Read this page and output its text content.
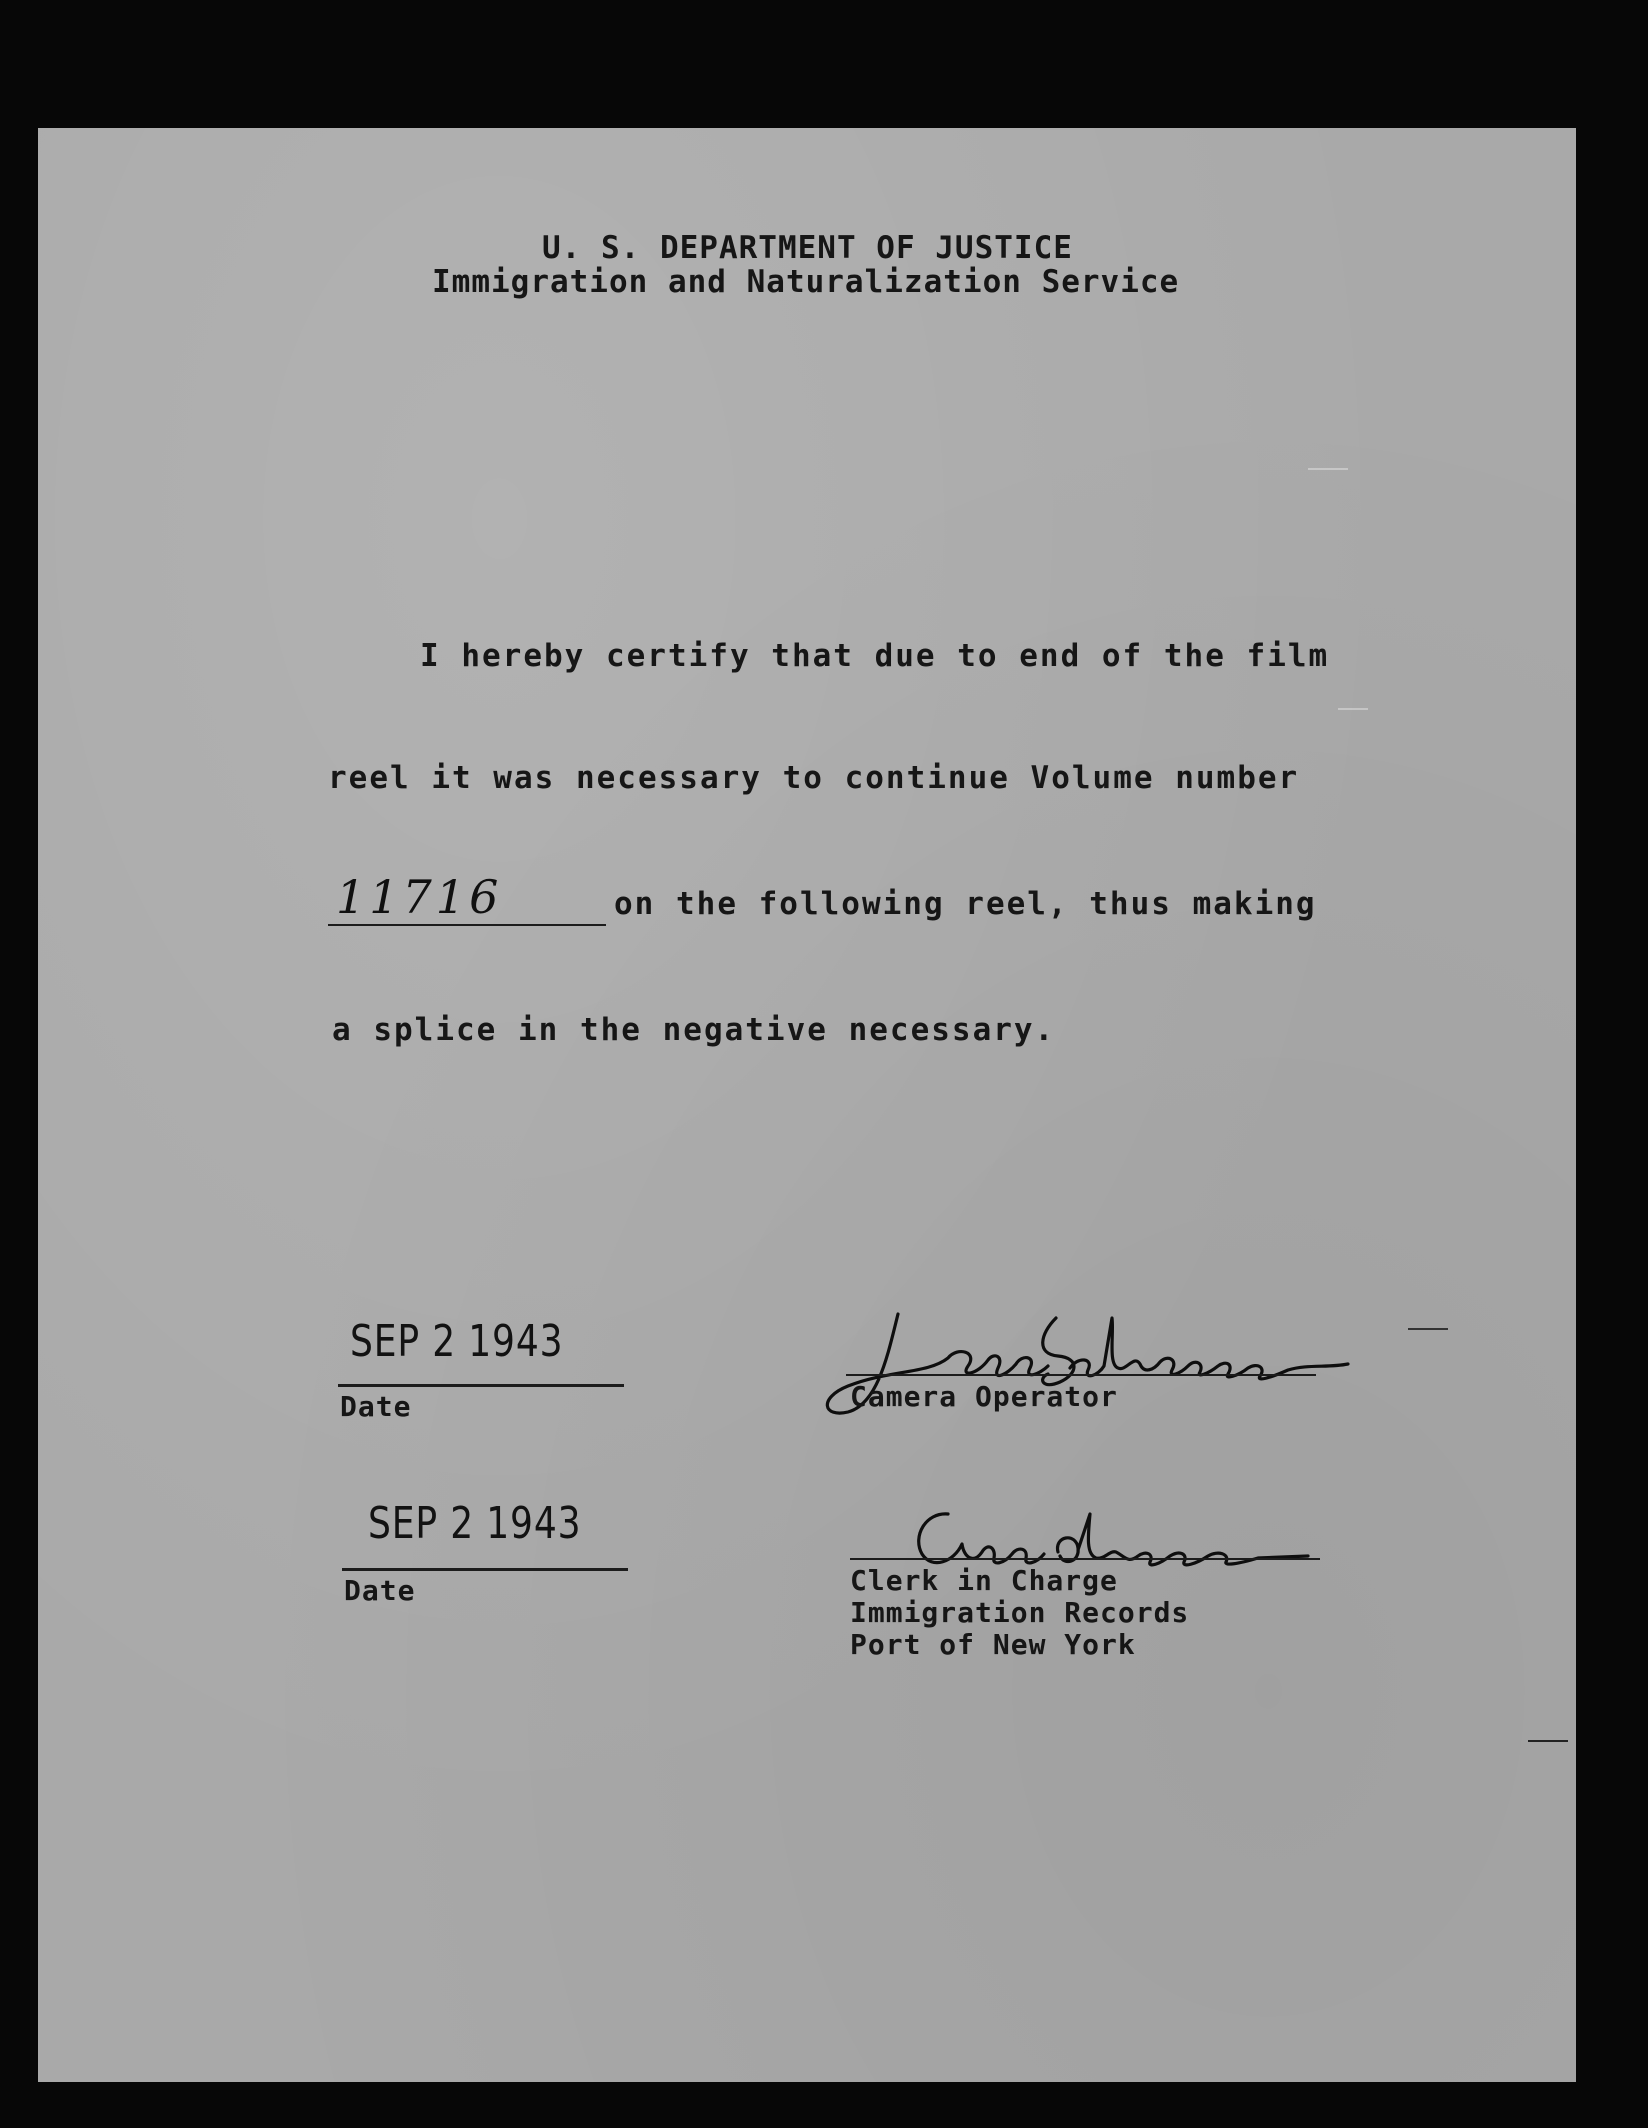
U. S. DEPARTMENT OF JUSTICE
Immigration and Naturalization Service
I hereby certify that due to end of the film
reel it was necessary to continue Volume number
11716	on the following reel, thus making
a splice in the negative necessary.
SEP 2 1943
Date	Camera Operator
SEP 2 1943
Date	Clerk in Charge
Immigration Records
Port of New York
